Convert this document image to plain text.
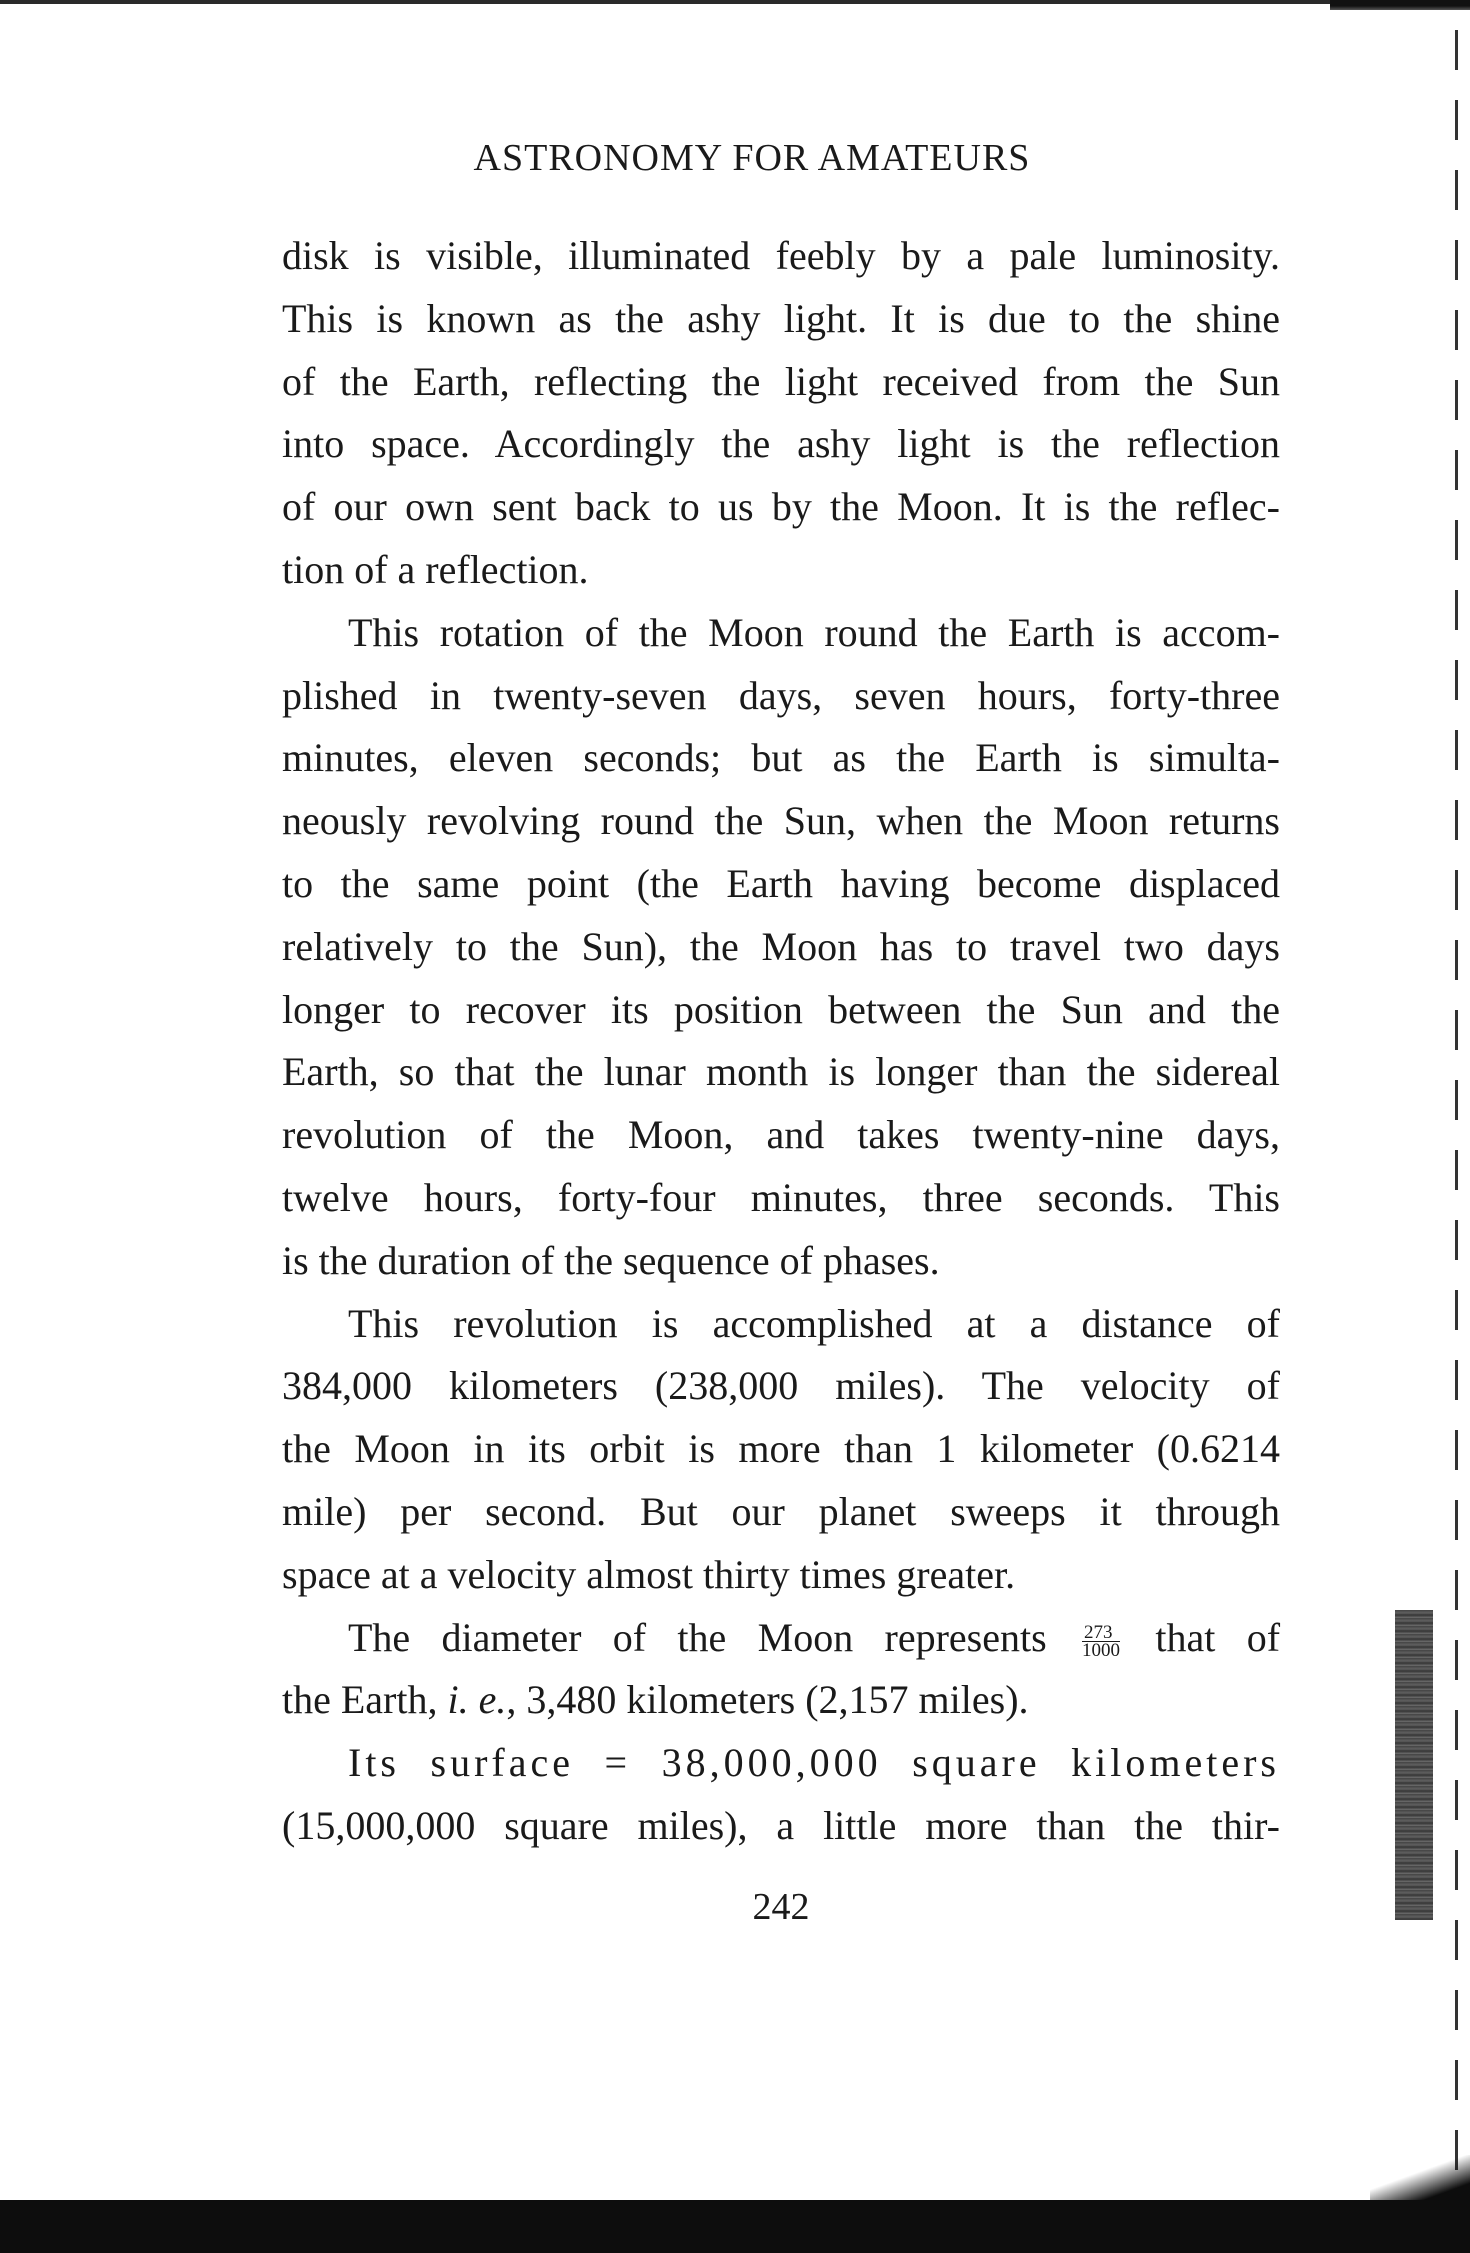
ASTRONOMY FOR AMATEURS
disk is visible, illuminated feebly by a pale luminosity.
This is known as the ashy light. It is due to the shine
of the Earth, reflecting the light received from the Sun
into space. Accordingly the ashy light is the reflection
of our own sent back to us by the Moon. It is the reflec-
tion of a reflection.
This rotation of the Moon round the Earth is accom-
plished in twenty-seven days, seven hours, forty-three
minutes, eleven seconds; but as the Earth is simulta-
neously revolving round the Sun, when the Moon returns
to the same point (the Earth having become displaced
relatively to the Sun), the Moon has to travel two days
longer to recover its position between the Sun and the
Earth, so that the lunar month is longer than the sidereal
revolution of the Moon, and takes twenty-nine days,
twelve hours, forty-four minutes, three seconds. This
is the duration of the sequence of phases.
This revolution is accomplished at a distance of
384,000 kilometers (238,000 miles). The velocity of
the Moon in its orbit is more than 1 kilometer (0.6214
mile) per second. But our planet sweeps it through
space at a velocity almost thirty times greater.
The diameter of the Moon represents $\frac{273}{1000}$ that of
the Earth, i. e., 3,480 kilometers (2,157 miles).
Its surface = 38,000,000 square kilometers
(15,000,000 square miles), a little more than the thir-
242
